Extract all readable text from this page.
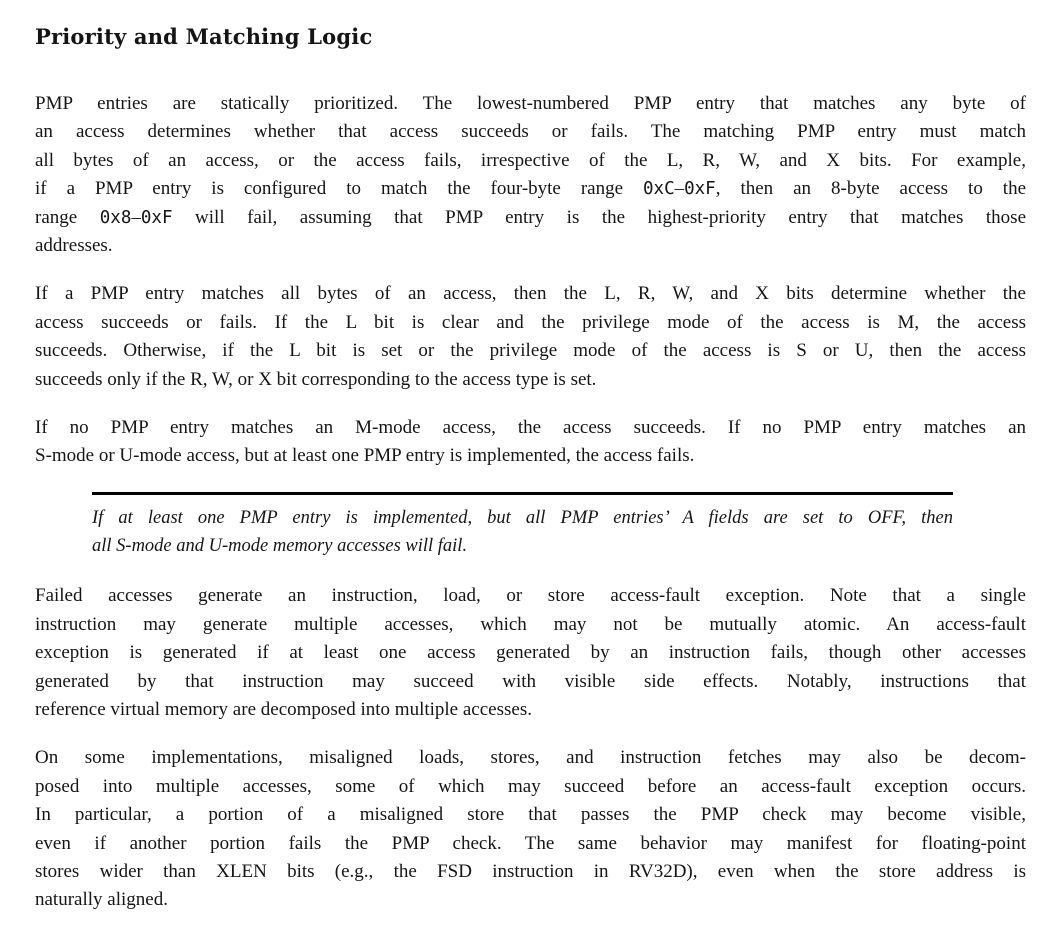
Priority and Matching Logic
PMP entries are statically prioritized. The lowest-numbered PMP entry that matches any byte of
an access determines whether that access succeeds or fails. The matching PMP entry must match
all bytes of an access, or the access fails, irrespective of the L, R, W, and X bits. For example,
if a PMP entry is configured to match the four-byte range 0xC–0xF, then an 8-byte access to the
range 0x8–0xF will fail, assuming that PMP entry is the highest-priority entry that matches those
addresses.
If a PMP entry matches all bytes of an access, then the L, R, W, and X bits determine whether the
access succeeds or fails. If the L bit is clear and the privilege mode of the access is M, the access
succeeds. Otherwise, if the L bit is set or the privilege mode of the access is S or U, then the access
succeeds only if the R, W, or X bit corresponding to the access type is set.
If no PMP entry matches an M-mode access, the access succeeds. If no PMP entry matches an
S-mode or U-mode access, but at least one PMP entry is implemented, the access fails.
If at least one PMP entry is implemented, but all PMP entries’ A fields are set to OFF, then
all S-mode and U-mode memory accesses will fail.
Failed accesses generate an instruction, load, or store access-fault exception. Note that a single
instruction may generate multiple accesses, which may not be mutually atomic. An access-fault
exception is generated if at least one access generated by an instruction fails, though other accesses
generated by that instruction may succeed with visible side effects. Notably, instructions that
reference virtual memory are decomposed into multiple accesses.
On some implementations, misaligned loads, stores, and instruction fetches may also be decom-
posed into multiple accesses, some of which may succeed before an access-fault exception occurs.
In particular, a portion of a misaligned store that passes the PMP check may become visible,
even if another portion fails the PMP check. The same behavior may manifest for floating-point
stores wider than XLEN bits (e.g., the FSD instruction in RV32D), even when the store address is
naturally aligned.
